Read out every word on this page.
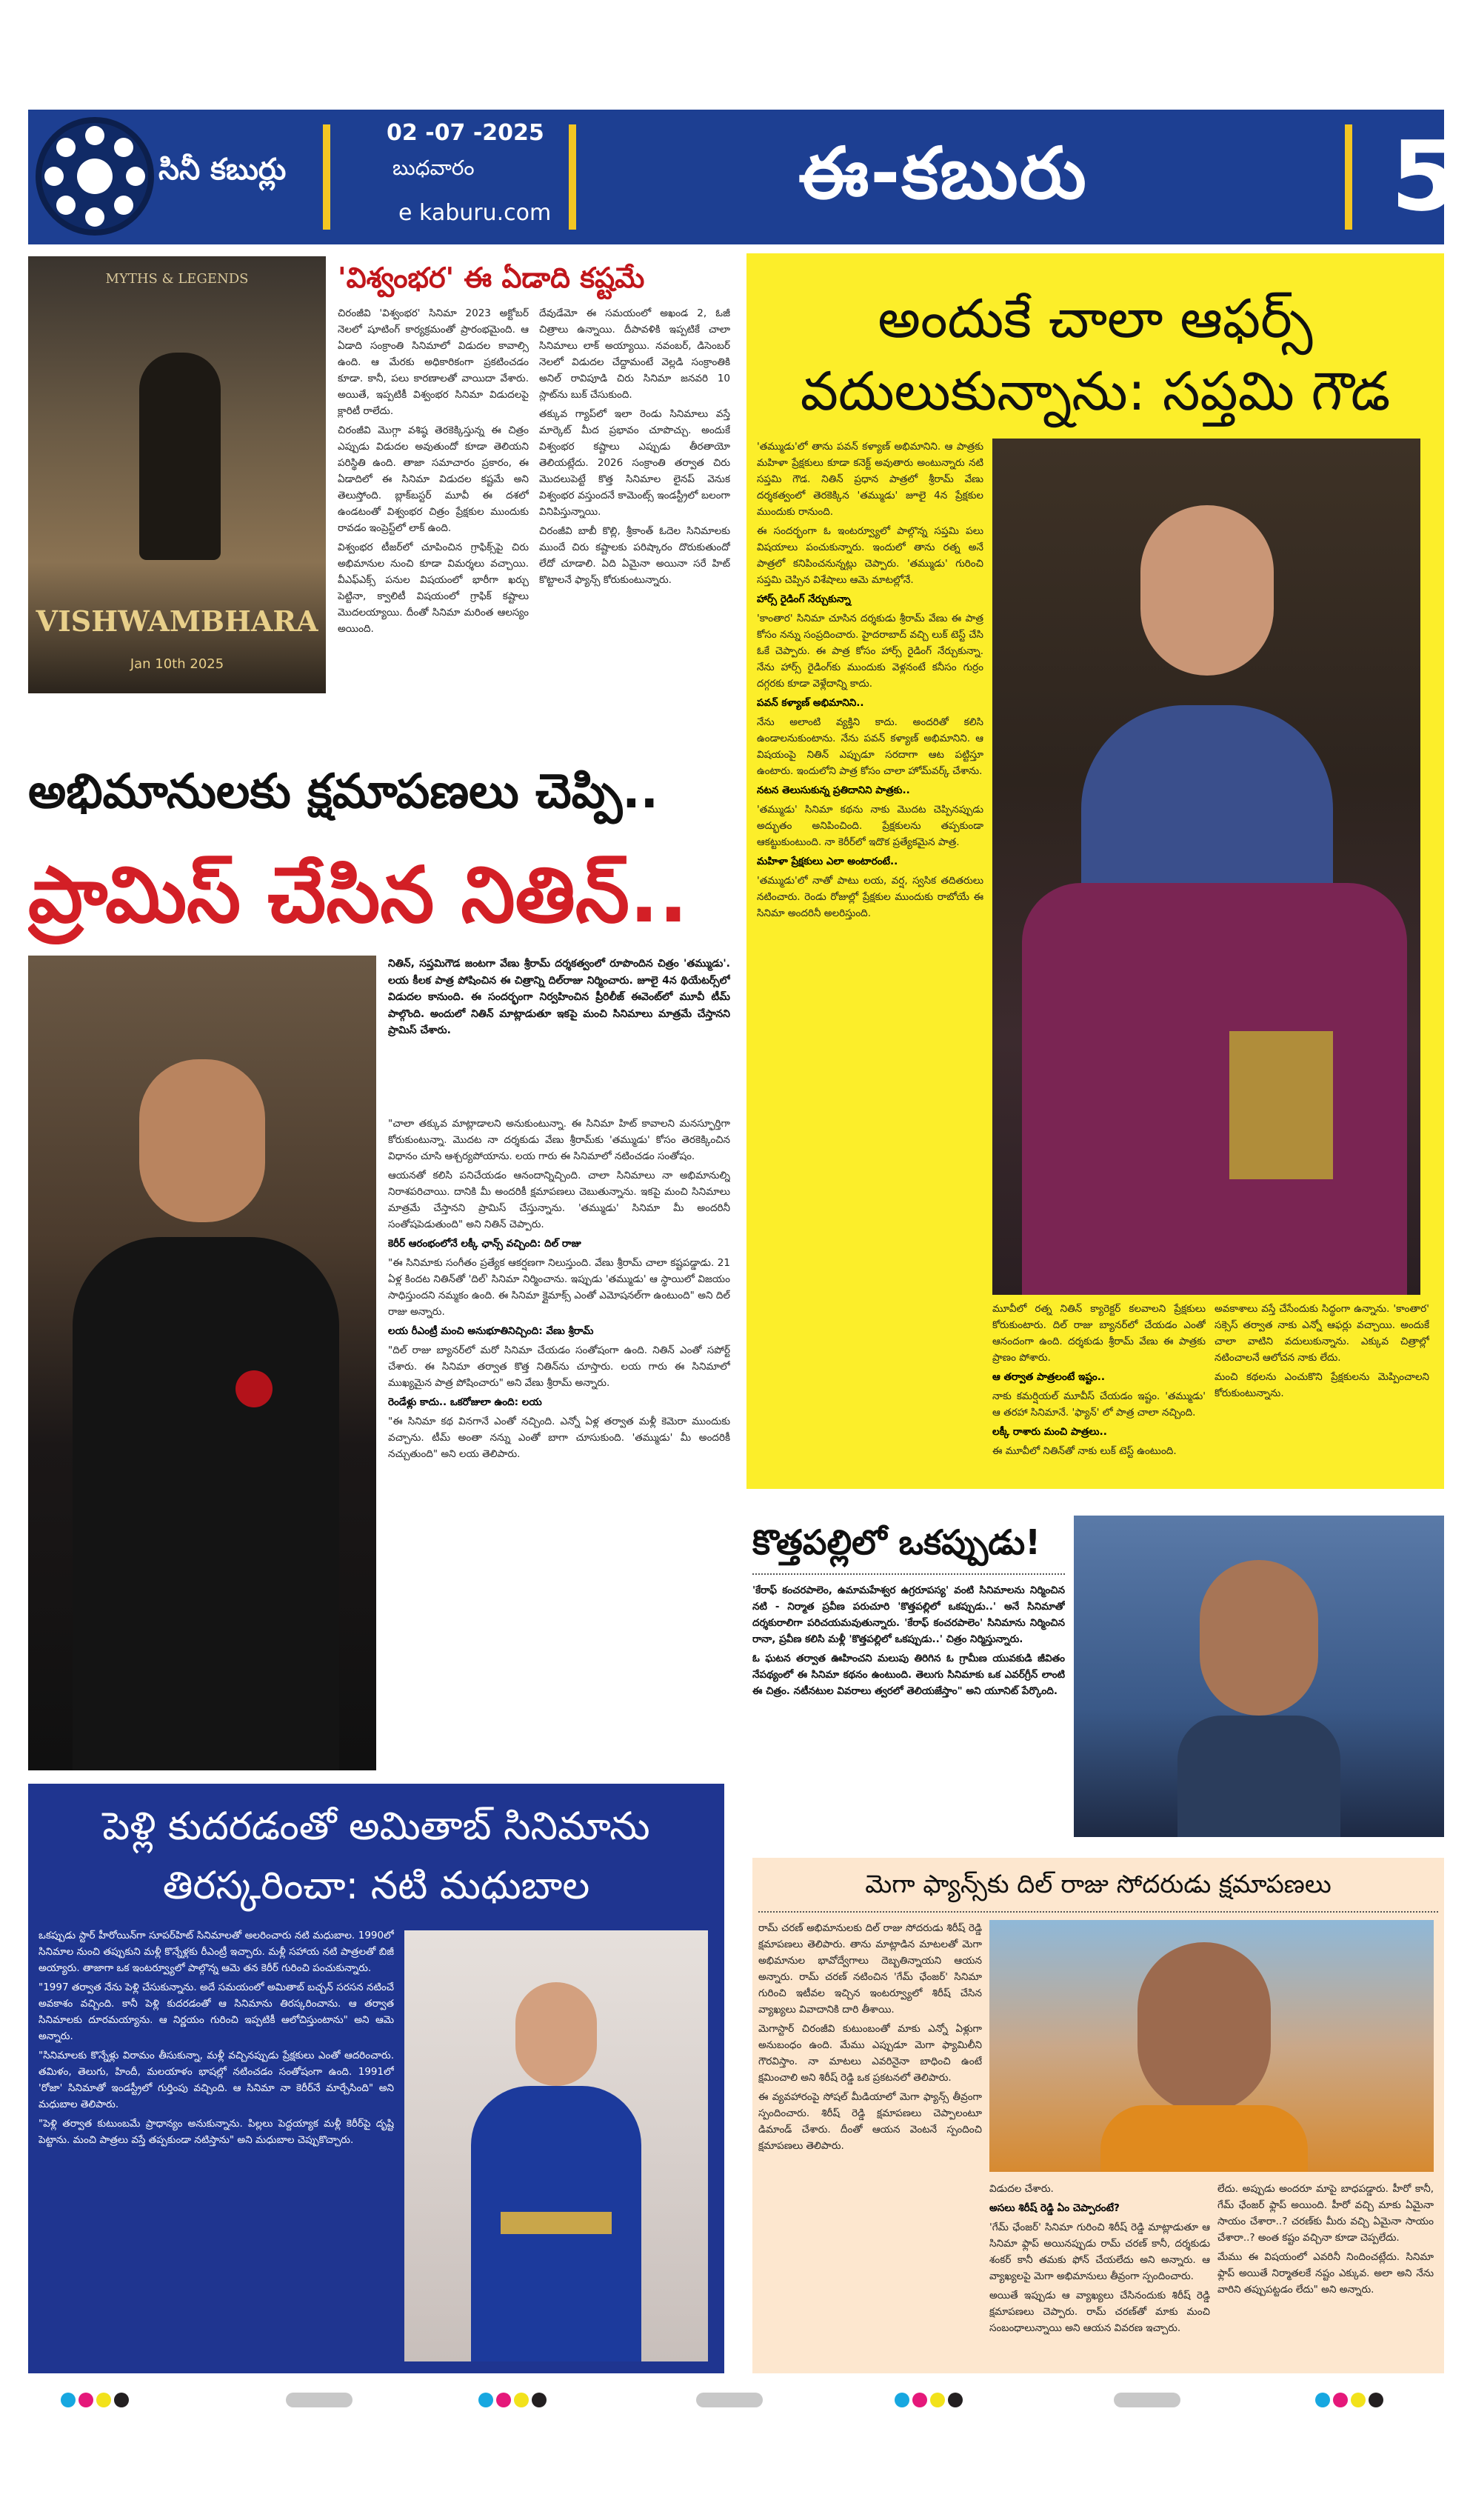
సినీ కబుర్లు
02 -07 -2025
బుధవారం
e kaburu.com	ఈ-కబురు	5
MYTHS & LEGENDS
VISHWAMBHARA
Jan 10th 2025
'విశ్వంభర' ఈ ఏడాది కష్టమే

చిరంజీవి 'విశ్వంభర' సినిమా 2023 అక్టోబర్ నెలలో షూటింగ్ కార్యక్రమంతో ప్రారంభమైంది. ఆ ఏడాది సంక్రాంతి సినిమాలో విడుదల కావాల్సి ఉంది. ఆ మేరకు అధికారికంగా ప్రకటించడం కూడా. కానీ, పలు కారణాలతో వాయిదా వేశారు. అయితే, ఇప్పటికీ విశ్వంభర సినిమా విడుదలపై క్లారిటీ రాలేదు.

చిరంజీవి మొగ్గా వశిష్ఠ తెరకెక్కిస్తున్న ఈ చిత్రం ఎప్పుడు విడుదల అవుతుందో కూడా తెలియని పరిస్థితి ఉంది. తాజా సమాచారం ప్రకారం, ఈ ఏడాదిలో ఈ సినిమా విడుదల కష్టమే అని తెలుస్తోంది. బ్లాక్‌బస్టర్ మూవీ ఈ దశలో ఉండటంతో విశ్వంభర చిత్రం ప్రేక్షకుల ముందుకు రావడం ఇంప్రెస్ట్‌లో లాక్ ఉంది.

విశ్వంభర టీజర్‌లో చూపించిన గ్రాఫిక్స్‌పై చిరు అభిమానుల నుంచి కూడా విమర్శలు వచ్చాయి. వీఎఫ్‌ఎక్స్ పనుల విషయంలో భారీగా ఖర్చు పెట్టినా, క్వాలిటీ విషయంలో గ్రాఫిక్ కష్టాలు మొదలయ్యాయి. దీంతో సినిమా మరింత ఆలస్యం అయింది.

దేవుడేమో ఈ సమయంలో అఖండ 2, ఓజీ చిత్రాలు ఉన్నాయి. దీపావళికి ఇప్పటికే చాలా సినిమాలు లాక్ అయ్యాయి. నవంబర్, డిసెంబర్ నెలలో విడుదల చేద్దామంటే వెల్లడి సంక్రాంతికి అనిల్ రావిపూడి చిరు సినిమా జనవరి 10 స్లాట్‌ను బుక్ చేసుకుంది.

తక్కువ గ్యాప్‌లో ఇలా రెండు సినిమాలు వస్తే మార్కెట్ మీద ప్రభావం చూపొచ్చు. అందుకే విశ్వంభర కష్టాలు ఎప్పుడు తీరతాయో తెలియట్లేదు. 2026 సంక్రాంతి తర్వాత చిరు మొదలుపెట్టే కొత్త సినిమాల లైనప్ వెనుక విశ్వంభర వస్తుందనే కామెంట్స్ ఇండస్ట్రీలో బలంగా వినిపిస్తున్నాయి.

చిరంజీవి బాబీ కొల్లి, శ్రీకాంత్ ఓదెల సినిమాలకు ముందే చిరు కష్టాలకు పరిష్కారం దొరుకుతుందో లేదో చూడాలి. ఏది ఏమైనా అయినా సరే హిట్ కొట్టాలనే ఫ్యాన్స్ కోరుకుంటున్నారు.

అభిమానులకు క్షమాపణలు చెప్పి..
ప్రామిస్ చేసిన నితిన్..

నితిన్, సప్తమిగౌడ జంటగా వేణు శ్రీరామ్ దర్శకత్వంలో రూపొందిన చిత్రం 'తమ్ముడు'. లయ కీలక పాత్ర పోషించిన ఈ చిత్రాన్ని దిల్‌రాజు నిర్మించారు. జూలై 4న థియేటర్స్‌లో విడుదల కానుంది. ఈ సందర్భంగా నిర్వహించిన ప్రీరిలీజ్ ఈవెంట్‌లో మూవీ టీమ్ పాల్గొంది. అందులో నితిన్ మాట్లాడుతూ ఇకపై మంచి సినిమాలు మాత్రమే చేస్తానని ప్రామిస్ చేశారు.

"చాలా తక్కువ మాట్లాడాలని అనుకుంటున్నా. ఈ సినిమా హిట్ కావాలని మనస్ఫూర్తిగా కోరుకుంటున్నా. మొదట నా దర్శకుడు వేణు శ్రీరామ్‌కు 'తమ్ముడు' కోసం తెరకెక్కించిన విధానం చూసి ఆశ్చర్యపోయాను. లయ గారు ఈ సినిమాలో నటించడం సంతోషం.

ఆయనతో కలిసి పనిచేయడం ఆనందాన్నిచ్చింది. చాలా సినిమాలు నా అభిమానుల్ని నిరాశపరిచాయి. దానికి మీ అందరికీ క్షమాపణలు చెబుతున్నాను. ఇకపై మంచి సినిమాలు మాత్రమే చేస్తానని ప్రామిస్ చేస్తున్నాను. 'తమ్ముడు' సినిమా మీ అందరినీ సంతోషపెడుతుంది" అని నితిన్ చెప్పారు.

కెరీర్ ఆరంభంలోనే లక్కీ ఛాన్స్ వచ్చింది: దిల్ రాజు

"ఈ సినిమాకు సంగీతం ప్రత్యేక ఆకర్షణగా నిలుస్తుంది. వేణు శ్రీరామ్ చాలా కష్టపడ్డాడు. 21 ఏళ్ల కిందట నితిన్‌తో 'దిల్' సినిమా నిర్మించాను. ఇప్పుడు 'తమ్ముడు' ఆ స్థాయిలో విజయం సాధిస్తుందని నమ్మకం ఉంది. ఈ సినిమా క్లైమాక్స్ ఎంతో ఎమోషనల్‌గా ఉంటుంది" అని దిల్ రాజు అన్నారు.

లయ రీఎంట్రీ మంచి అనుభూతినిచ్చింది: వేణు శ్రీరామ్

"దిల్ రాజు బ్యానర్‌లో మరో సినిమా చేయడం సంతోషంగా ఉంది. నితిన్ ఎంతో సపోర్ట్ చేశారు. ఈ సినిమా తర్వాత కొత్త నితిన్‌ను చూస్తారు. లయ గారు ఈ సినిమాలో ముఖ్యమైన పాత్ర పోషించారు" అని వేణు శ్రీరామ్ అన్నారు.

రెండేళ్లు కాదు.. ఒకరోజులా ఉంది: లయ

"ఈ సినిమా కథ వినగానే ఎంతో నచ్చింది. ఎన్నో ఏళ్ల తర్వాత మళ్లీ కెమెరా ముందుకు వచ్చాను. టీమ్ అంతా నన్ను ఎంతో బాగా చూసుకుంది. 'తమ్ముడు' మీ అందరికీ నచ్చుతుంది" అని లయ తెలిపారు.

అందుకే చాలా ఆఫర్స్
వదులుకున్నాను: సప్తమి గౌడ

'తమ్ముడు'లో తాను పవన్ కళ్యాణ్ అభిమానిని. ఆ పాత్రకు మహిళా ప్రేక్షకులు కూడా కనెక్ట్ అవుతారు అంటున్నారు నటి సప్తమి గౌడ. నితిన్ ప్రధాన పాత్రలో శ్రీరామ్ వేణు దర్శకత్వంలో తెరకెక్కిన 'తమ్ముడు' జూలై 4న ప్రేక్షకుల ముందుకు రానుంది.

ఈ సందర్భంగా ఓ ఇంటర్వ్యూలో పాల్గొన్న సప్తమి పలు విషయాలు పంచుకున్నారు. ఇందులో తాను రత్న అనే పాత్రలో కనిపించనున్నట్లు చెప్పారు. 'తమ్ముడు' గురించి సప్తమి చెప్పిన విశేషాలు ఆమె మాటల్లోనే.

హార్స్ రైడింగ్ నేర్చుకున్నా

'కాంతార' సినిమా చూసిన దర్శకుడు శ్రీరామ్ వేణు ఈ పాత్ర కోసం నన్ను సంప్రదించారు. హైదరాబాద్ వచ్చి లుక్ టెస్ట్ చేసి ఓకే చెప్పారు. ఈ పాత్ర కోసం హార్స్ రైడింగ్ నేర్చుకున్నా. నేను హార్స్ రైడింగ్‌కు ముందుకు వెళ్లనంటే కనీసం గుర్రం దగ్గరకు కూడా వెళ్లేదాన్ని కాదు.

పవన్ కళ్యాణ్ అభిమానిని..

నేను అలాంటి వ్యక్తిని కాదు. అందరితో కలిసి ఉండాలనుకుంటాను. నేను పవన్ కళ్యాణ్ అభిమానిని. ఆ విషయంపై నితిన్ ఎప్పుడూ సరదాగా ఆట పట్టిస్తూ ఉంటారు. ఇందులోని పాత్ర కోసం చాలా హోమ్‌వర్క్ చేశాను.

నటన తెలుసుకున్న ప్రతిదానిని పాత్రకు..

'తమ్ముడు' సినిమా కథను నాకు మొదట చెప్పినప్పుడు అద్భుతం అనిపించింది. ప్రేక్షకులను తప్పకుండా ఆకట్టుకుంటుంది. నా కెరీర్‌లో ఇదొక ప్రత్యేకమైన పాత్ర.

మహిళా ప్రేక్షకులు ఎలా అంటారంటే..

'తమ్ముడు'లో నాతో పాటు లయ, వర్ష, స్వసిక తదితరులు నటించారు. రెండు రోజుల్లో ప్రేక్షకుల ముందుకు రాబోయే ఈ సినిమా అందరినీ అలరిస్తుంది.

మూవీలో రత్న నితిన్ క్యారెక్టర్ కలవాలని ప్రేక్షకులు కోరుకుంటారు. దిల్ రాజు బ్యానర్‌లో చేయడం ఎంతో ఆనందంగా ఉంది. దర్శకుడు శ్రీరామ్ వేణు ఈ పాత్రకు ప్రాణం పోశారు.

ఆ తర్వాత పాత్రలంటే ఇష్టం..

నాకు కమర్షియల్ మూవీస్ చేయడం ఇష్టం. 'తమ్ముడు' ఆ తరహా సినిమానే. 'ఫ్యాన్' లో పాత్ర చాలా నచ్చింది.

లక్కీ రాశారు మంచి పాత్రలు..

ఈ మూవీలో నితిన్‌తో నాకు లుక్ టెస్ట్ ఉంటుంది.

అవకాశాలు వస్తే చేసేందుకు సిద్ధంగా ఉన్నాను. 'కాంతార' సక్సెస్ తర్వాత నాకు ఎన్నో ఆఫర్లు వచ్చాయి. అందుకే చాలా వాటిని వదులుకున్నాను. ఎక్కువ చిత్రాల్లో నటించాలనే ఆలోచన నాకు లేదు.

మంచి కథలను ఎంచుకొని ప్రేక్షకులను మెప్పించాలని కోరుకుంటున్నాను.

కొత్తపల్లిలో ఒకప్పుడు!

'కేరాఫ్ కంచరపాలెం, ఉమామహేశ్వర ఉగ్రరూపస్య' వంటి సినిమాలను నిర్మించిన నటి - నిర్మాత ప్రవీణ పరుచూరి 'కొత్తపల్లిలో ఒకప్పుడు..' అనే సినిమాతో దర్శకురాలిగా పరిచయమవుతున్నారు. 'కేరాఫ్ కంచరపాలెం' సినిమాను నిర్మించిన రానా, ప్రవీణ కలిసి మళ్లీ 'కొత్తపల్లిలో ఒకప్పుడు..' చిత్రం నిర్మిస్తున్నారు.

ఓ ఘటన తర్వాత ఊహించని మలుపు తిరిగిన ఓ గ్రామీణ యువకుడి జీవితం నేపథ్యంలో ఈ సినిమా కథనం ఉంటుంది. తెలుగు సినిమాకు ఒక ఎవర్‌గ్రీన్‌ లాంటి ఈ చిత్రం. నటీనటుల వివరాలు త్వరలో తెలియజేస్తాం" అని యూనిట్ పేర్కొంది.

పెళ్లి కుదరడంతో అమితాబ్ సినిమాను
తిరస్కరించా: నటి మధుబాల

ఒకప్పుడు స్టార్ హీరోయిన్‌గా సూపర్‌హిట్ సినిమాలతో అలరించారు నటి మధుబాల. 1990లో సినిమాల నుంచి తప్పుకుని మళ్లీ కొన్నేళ్లకు రీఎంట్రీ ఇచ్చారు. మళ్లీ సహాయ నటి పాత్రలతో బిజీ అయ్యారు. తాజాగా ఒక ఇంటర్వ్యూలో పాల్గొన్న ఆమె తన కెరీర్ గురించి పంచుకున్నారు.

"1997 తర్వాత నేను పెళ్లి చేసుకున్నాను. అదే సమయంలో అమితాబ్ బచ్చన్ సరసన నటించే అవకాశం వచ్చింది. కానీ పెళ్లి కుదరడంతో ఆ సినిమాను తిరస్కరించాను. ఆ తర్వాత సినిమాలకు దూరమయ్యాను. ఆ నిర్ణయం గురించి ఇప్పటికీ ఆలోచిస్తుంటాను" అని ఆమె అన్నారు.

"సినిమాలకు కొన్నేళ్లు విరామం తీసుకున్నా, మళ్లీ వచ్చినప్పుడు ప్రేక్షకులు ఎంతో ఆదరించారు. తమిళం, తెలుగు, హిందీ, మలయాళం భాషల్లో నటించడం సంతోషంగా ఉంది. 1991లో 'రోజా' సినిమాతో ఇండస్ట్రీలో గుర్తింపు వచ్చింది. ఆ సినిమా నా కెరీర్‌నే మార్చేసింది" అని మధుబాల తెలిపారు.

"పెళ్లి తర్వాత కుటుంబమే ప్రాధాన్యం అనుకున్నాను. పిల్లలు పెద్దయ్యాక మళ్లీ కెరీర్‌పై దృష్టి పెట్టాను. మంచి పాత్రలు వస్తే తప్పకుండా నటిస్తాను" అని మధుబాల చెప్పుకొచ్చారు.

మెగా ఫ్యాన్స్‌కు దిల్ రాజు సోదరుడు క్షమాపణలు

రామ్ చరణ్ అభిమానులకు దిల్ రాజు సోదరుడు శిరీష్ రెడ్డి క్షమాపణలు తెలిపారు. తాను మాట్లాడిన మాటలతో మెగా అభిమానుల భావోద్వేగాలు దెబ్బతిన్నాయని ఆయన అన్నారు. రామ్ చరణ్ నటించిన 'గేమ్ ఛేంజర్' సినిమా గురించి ఇటీవల ఇచ్చిన ఇంటర్వ్యూలో శిరీష్ చేసిన వ్యాఖ్యలు వివాదానికి దారి తీశాయి.

మెగాస్టార్ చిరంజీవి కుటుంబంతో మాకు ఎన్నో ఏళ్లుగా అనుబంధం ఉంది. మేము ఎప్పుడూ మెగా ఫ్యామిలీని గౌరవిస్తాం. నా మాటలు ఎవరినైనా బాధించి ఉంటే క్షమించాలి అని శిరీష్ రెడ్డి ఒక ప్రకటనలో తెలిపారు.

ఈ వ్యవహారంపై సోషల్ మీడియాలో మెగా ఫ్యాన్స్ తీవ్రంగా స్పందించారు. శిరీష్ రెడ్డి క్షమాపణలు చెప్పాలంటూ డిమాండ్ చేశారు. దీంతో ఆయన వెంటనే స్పందించి క్షమాపణలు తెలిపారు.

విడుదల చేశారు.

అసలు శిరీష్ రెడ్డి ఏం చెప్పారంటే?

'గేమ్ ఛేంజర్' సినిమా గురించి శిరీష్ రెడ్డి మాట్లాడుతూ ఆ సినిమా ఫ్లాప్ అయినప్పుడు రామ్ చరణ్ కానీ, దర్శకుడు శంకర్ కానీ తమకు ఫోన్ చేయలేదు అని అన్నారు. ఆ వ్యాఖ్యలపై మెగా అభిమానులు తీవ్రంగా స్పందించారు.

అయితే ఇప్పుడు ఆ వ్యాఖ్యలు చేసినందుకు శిరీష్ రెడ్డి క్షమాపణలు చెప్పారు. రామ్ చరణ్‌తో మాకు మంచి సంబంధాలున్నాయి అని ఆయన వివరణ ఇచ్చారు.

లేదు. అప్పుడు అందరూ మాపై బాధపడ్డారు. హీరో కానీ, గేమ్ ఛేంజర్ ఫ్లాప్ అయింది. హీరో వచ్చి మాకు ఏమైనా సాయం చేశారా..? చరణ్‌కు మీరు వచ్చి ఏమైనా సాయం చేశారా..? అంత కష్టం వచ్చినా కూడా చెప్పలేదు.

మేము ఈ విషయంలో ఎవరినీ నిందించట్లేదు. సినిమా ఫ్లాప్ అయితే నిర్మాతలకే నష్టం ఎక్కువ. అలా అని నేను వారిని తప్పుపట్టడం లేదు" అని అన్నారు.
